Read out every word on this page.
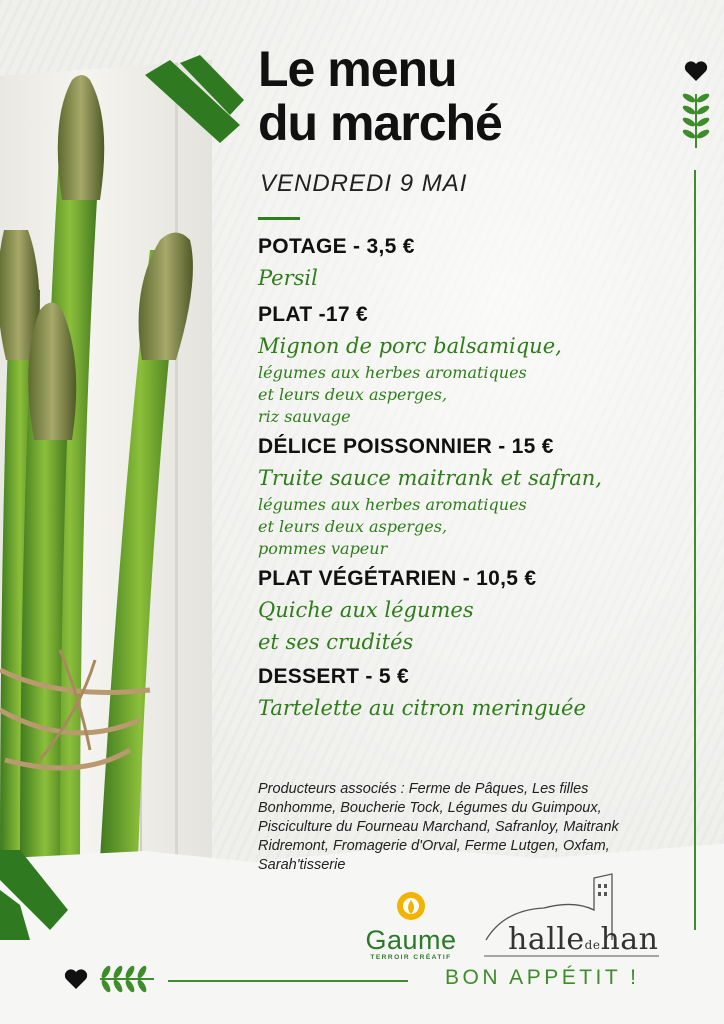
Le menu
du marché
VENDREDI 9 MAI

POTAGE - 3,5 €

Persil

PLAT -17 €

Mignon de porc balsamique,

légumes aux herbes aromatiques

et leurs deux asperges,

riz sauvage

DÉLICE POISSONNIER - 15 €

Truite sauce maitrank et safran,

légumes aux herbes aromatiques

et leurs deux asperges,

pommes vapeur

PLAT VÉGÉTARIEN - 10,5 €

Quiche aux légumes

et ses crudités

DESSERT - 5 €

Tartelette au citron meringuée

Producteurs associés : Ferme de Pâques, Les filles Bonhomme, Boucherie Tock, Légumes du Guimpoux, Pisciculture du Fourneau Marchand, Safranloy, Maitrank Ridremont, Fromagerie d'Orval, Ferme Lutgen, Oxfam, Sarah'tisserie

Gaume
TERROIR CRÉATIF
halledehan
BON APPÉTIT !
